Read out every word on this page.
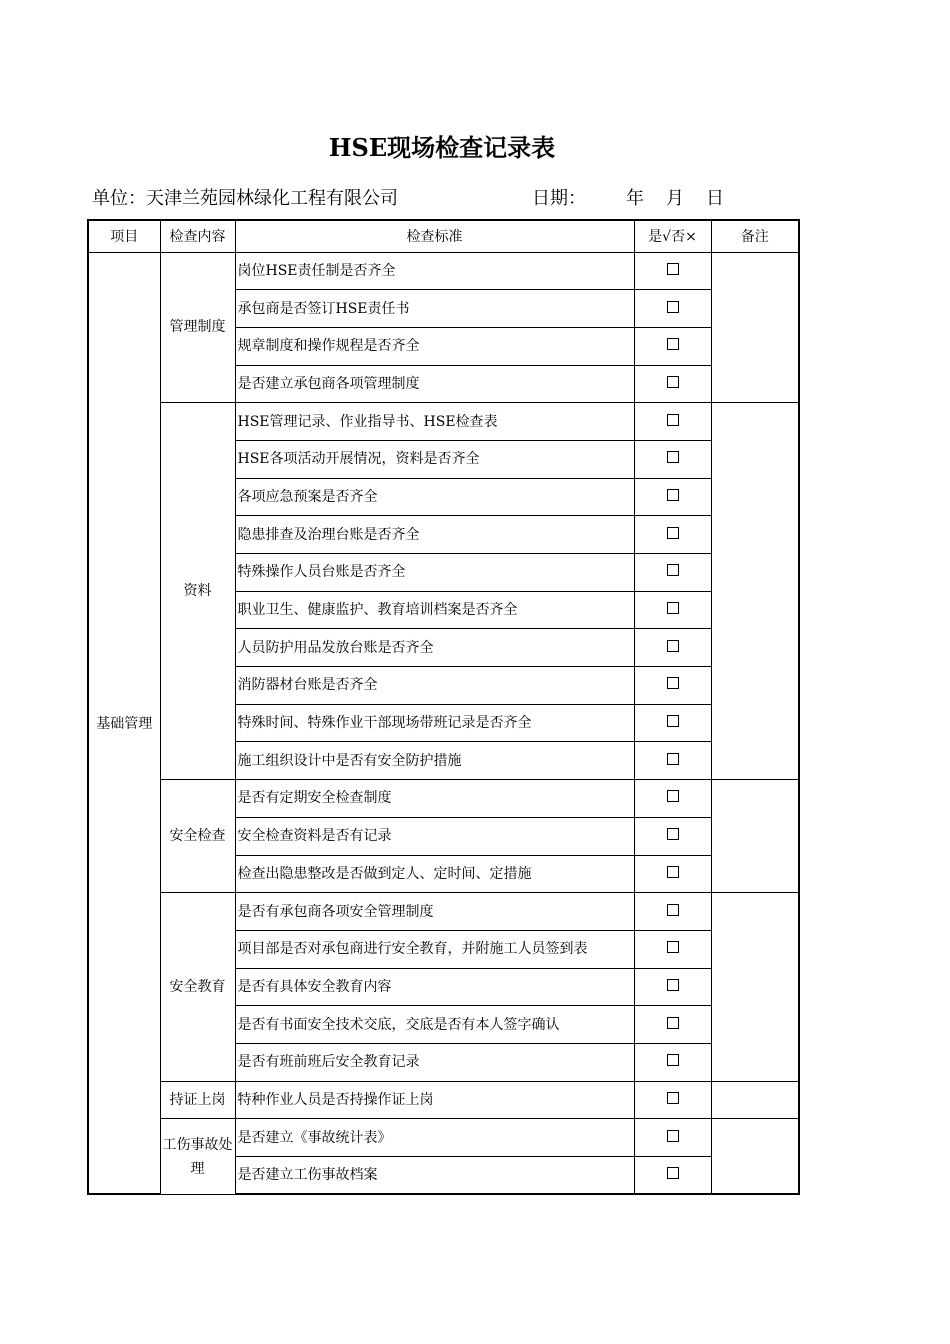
HSE现场检查记录表
单位：天津兰苑园林绿化工程有限公司	日期： 年 月 日
项目	检查内容	检查标准	是√否×	备注
基础管理	管理制度	岗位HSE责任制是否齐全		

		承包商是否签订HSE责任书		

		规章制度和操作规程是否齐全		

		是否建立承包商各项管理制度		

	资料	HSE管理记录、作业指导书、HSE检查表		

		HSE各项活动开展情况，资料是否齐全		

		各项应急预案是否齐全		

		隐患排查及治理台账是否齐全		

		特殊操作人员台账是否齐全		

		职业卫生、健康监护、教育培训档案是否齐全		

		人员防护用品发放台账是否齐全		

		消防器材台账是否齐全		

		特殊时间、特殊作业干部现场带班记录是否齐全		

		施工组织设计中是否有安全防护措施		

	安全检查	是否有定期安全检查制度		

		安全检查资料是否有记录		

		检查出隐患整改是否做到定人、定时间、定措施		

	安全教育	是否有承包商各项安全管理制度		

		项目部是否对承包商进行安全教育，并附施工人员签到表		

		是否有具体安全教育内容		

		是否有书面安全技术交底，交底是否有本人签字确认		

		是否有班前班后安全教育记录		

	持证上岗	特种作业人员是否持操作证上岗		

	工伤事故处理	是否建立《事故统计表》		

		是否建立工伤事故档案		
